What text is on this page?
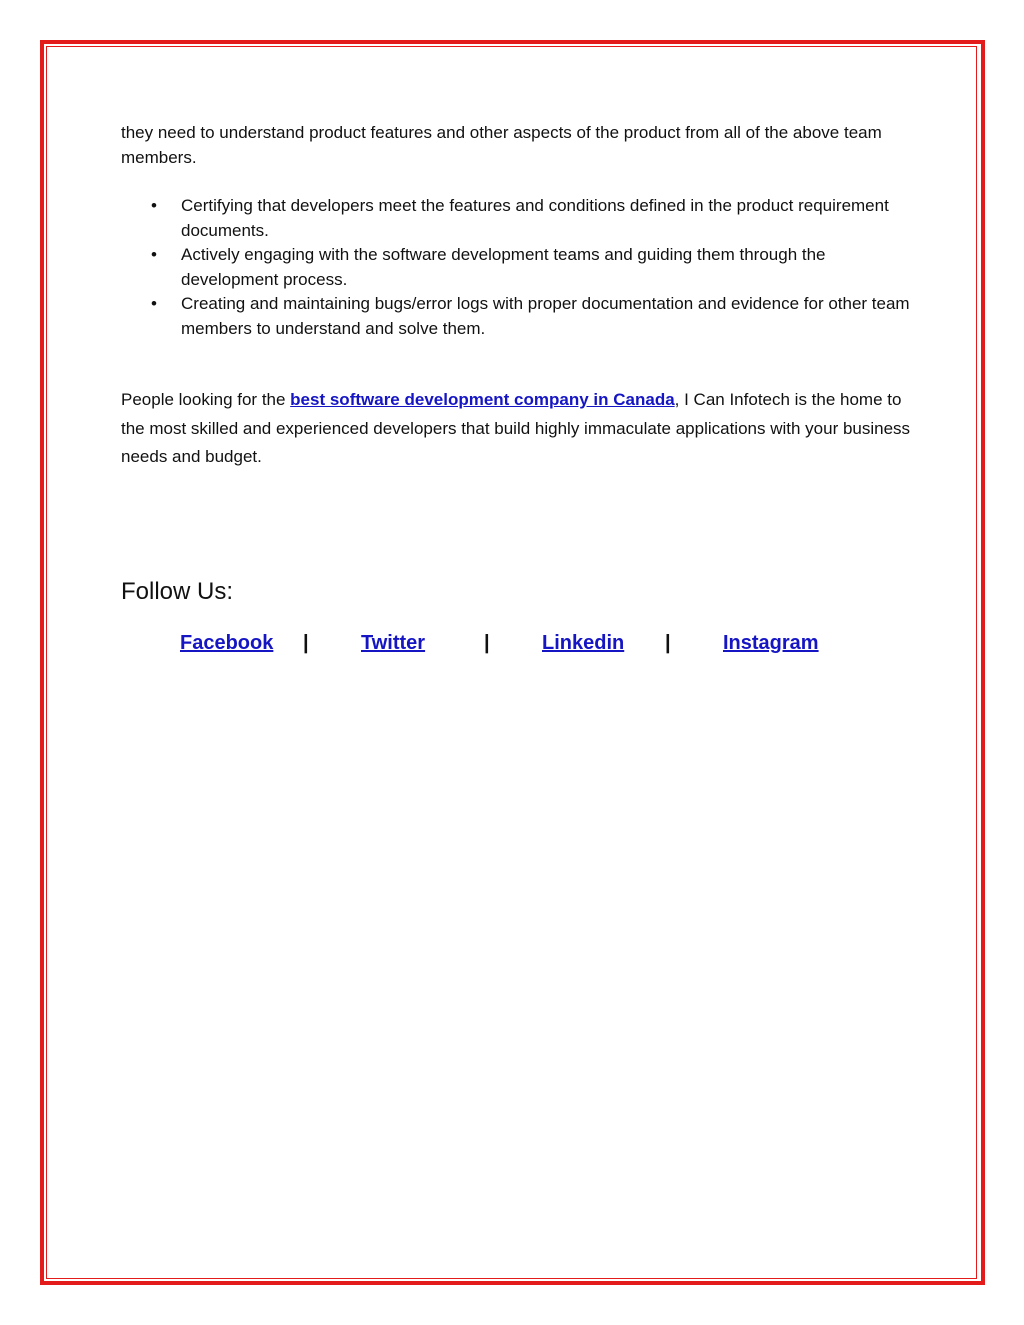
they need to understand product features and other aspects of the product from all of the above team members.

• Certifying that developers meet the features and conditions defined in the product requirement documents.
• Actively engaging with the software development teams and guiding them through the development process.
• Creating and maintaining bugs/error logs with proper documentation and evidence for other team members to understand and solve them.

People looking for the best software development company in Canada, I Can Infotech is the home to the most skilled and experienced developers that build highly immaculate applications with your business needs and budget.

Follow Us:
Facebook |	Twitter	|	Linkedin |	Instagram
